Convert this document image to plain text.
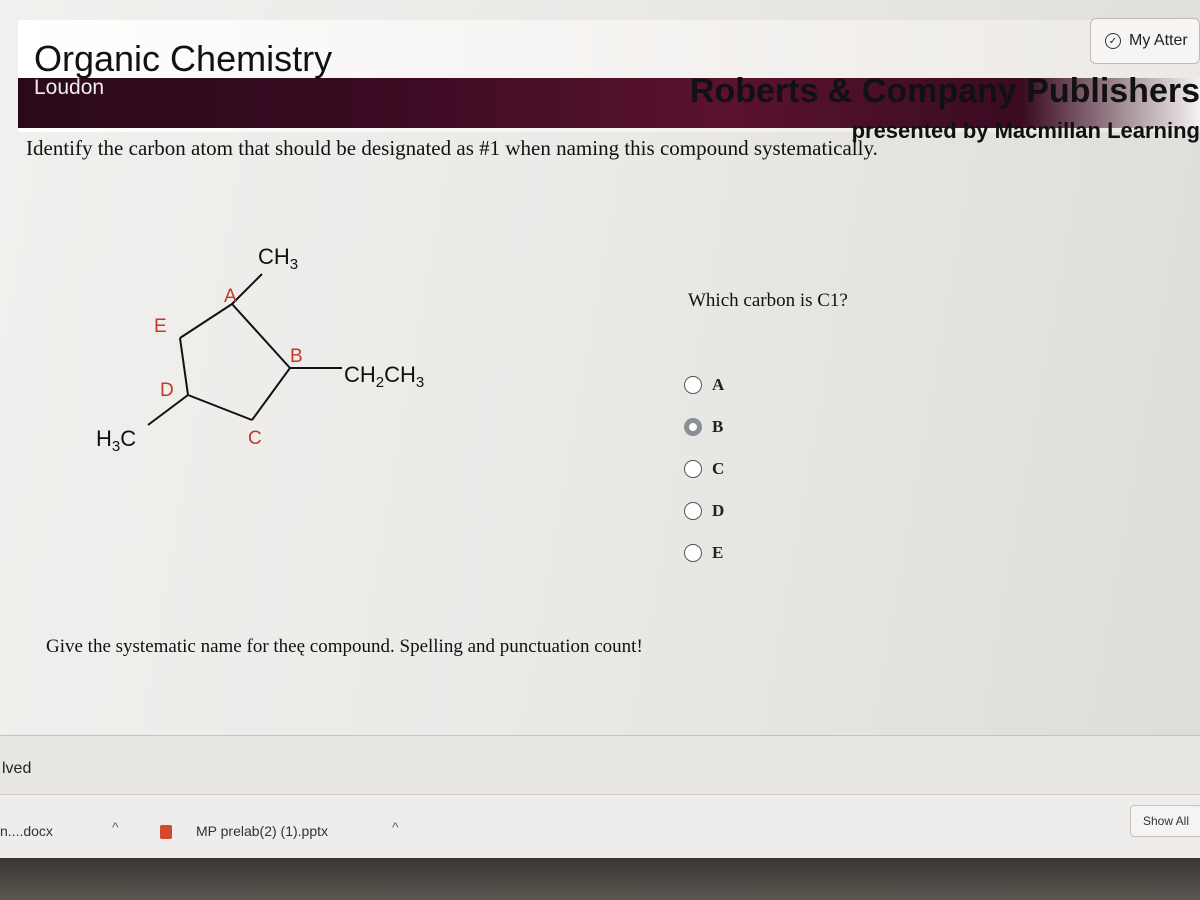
Organic Chemistry
Loudon	Roberts & Company Publishers
presented by Macmillan Learning
✓ My Atter
Identify the carbon atom that should be designated as #1 when naming this compound systematically.
$CH_3$
$CH_2CH_3$
$H_3C$
A
B
C
D
E
Which carbon is C1?
A
B
C
D
E
Give the systematic name for theę compound. Spelling and punctuation count!
lved
n....docx	^	MP prelab(2) (1).pptx	^	Show All
